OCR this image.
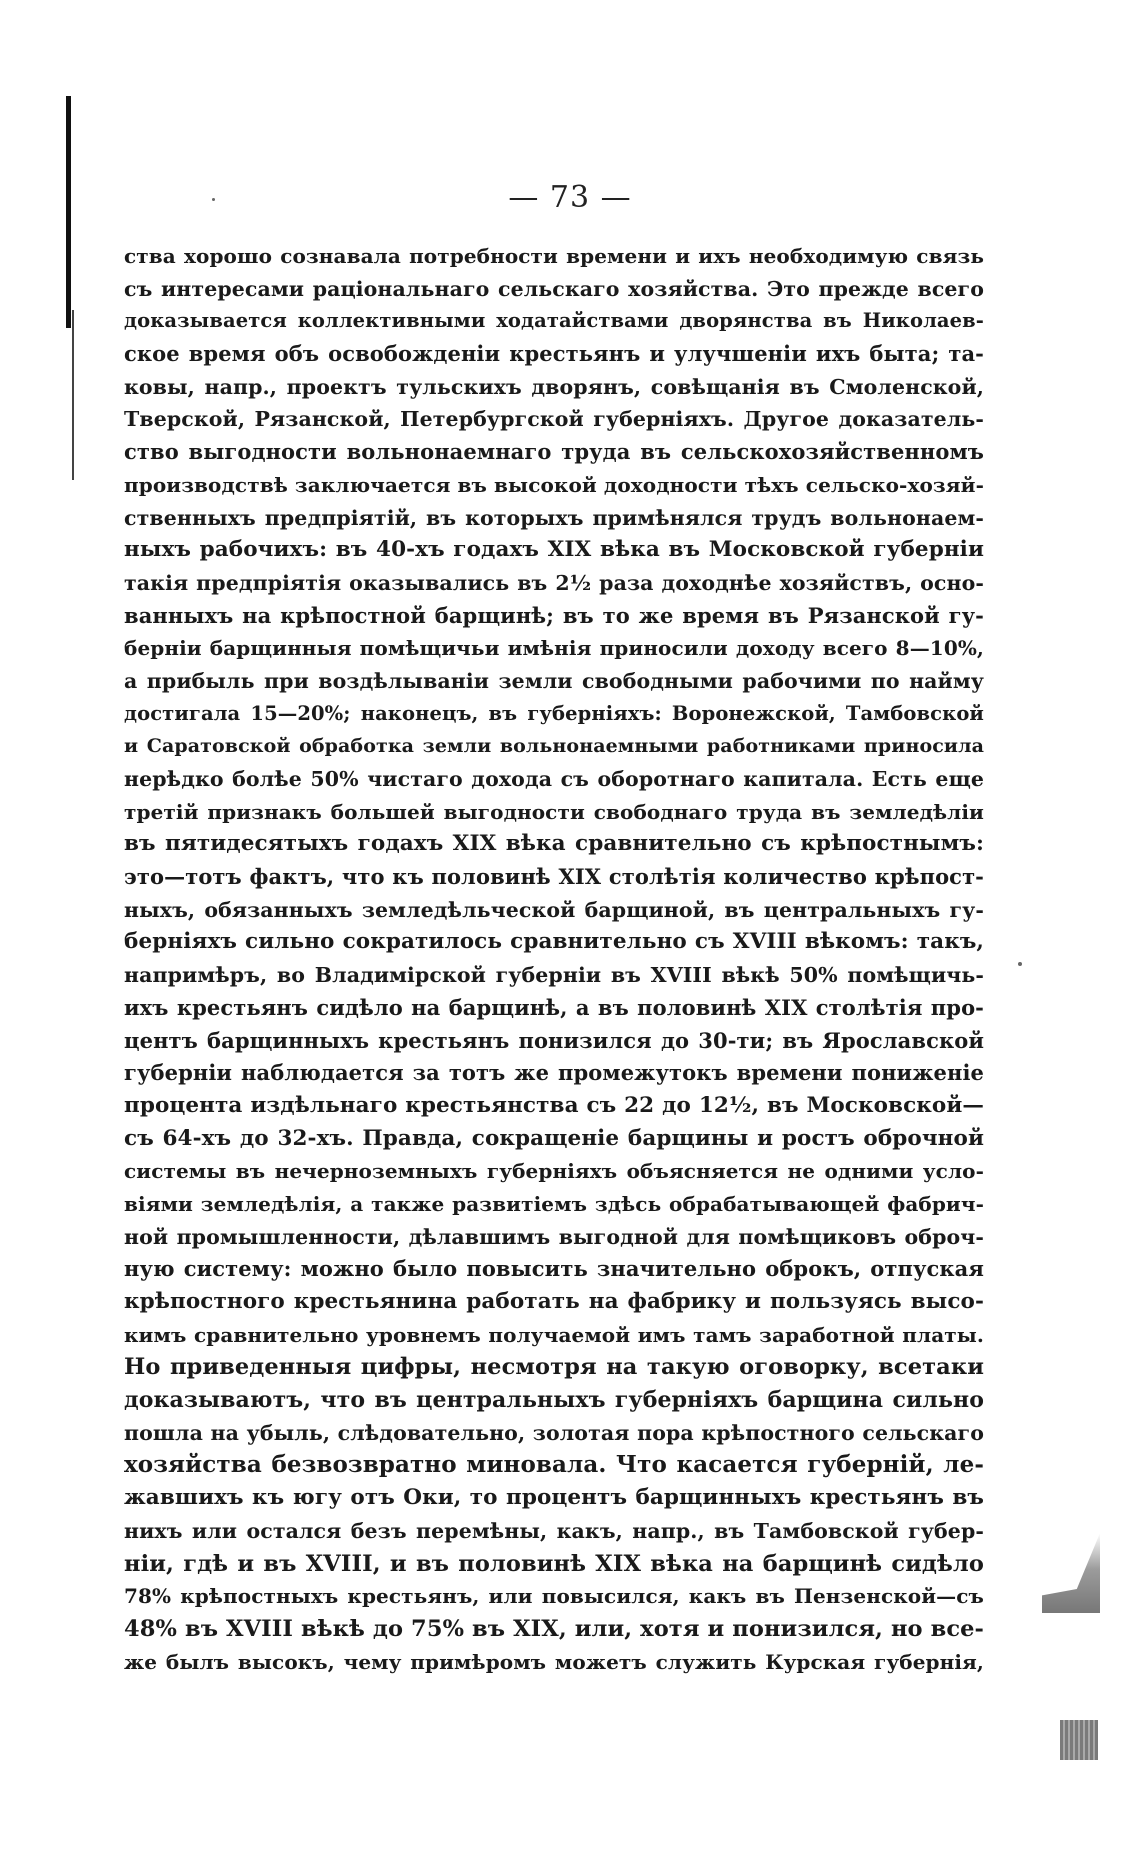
— 73 —
ства хорошо сознавала потребности времени и ихъ необходимую связь
съ интересами раціональнаго сельскаго хозяйства. Это прежде всего
доказывается коллективными ходатайствами дворянства въ Николаев-
ское время объ освобожденіи крестьянъ и улучшеніи ихъ быта; та-
ковы, напр., проектъ тульскихъ дворянъ, совѣщанія въ Смоленской,
Тверской, Рязанской, Петербургской губерніяхъ. Другое доказатель-
ство выгодности вольнонаемнаго труда въ сельскохозяйственномъ
производствѣ заключается въ высокой доходности тѣхъ сельско-хозяй-
ственныхъ предпріятій, въ которыхъ примѣнялся трудъ вольнонаем-
ныхъ рабочихъ: въ 40-хъ годахъ XIX вѣка въ Московской губерніи
такія предпріятія оказывались въ 2½ раза доходнѣе хозяйствъ, осно-
ванныхъ на крѣпостной барщинѣ; въ то же время въ Рязанской гу-
берніи барщинныя помѣщичьи имѣнія приносили доходу всего 8—10%,
а прибыль при воздѣлываніи земли свободными рабочими по найму
достигала 15—20%; наконецъ, въ губерніяхъ: Воронежской, Тамбовской
и Саратовской обработка земли вольнонаемными работниками приносила
нерѣдко болѣе 50% чистаго дохода съ оборотнаго капитала. Есть еще
третій признакъ большей выгодности свободнаго труда въ земледѣліи
въ пятидесятыхъ годахъ XIX вѣка сравнительно съ крѣпостнымъ:
это—тотъ фактъ, что къ половинѣ XIX столѣтія количество крѣпост-
ныхъ, обязанныхъ земледѣльческой барщиной, въ центральныхъ гу-
берніяхъ сильно сократилось сравнительно съ XVIII вѣкомъ: такъ,
напримѣръ, во Владимірской губерніи въ XVIII вѣкѣ 50% помѣщичь-
ихъ крестьянъ сидѣло на барщинѣ, а въ половинѣ XIX столѣтія про-
центъ барщинныхъ крестьянъ понизился до 30-ти; въ Ярославской
губерніи наблюдается за тотъ же промежутокъ времени пониженіе
процента издѣльнаго крестьянства съ 22 до 12½, въ Московской—
съ 64-хъ до 32-хъ. Правда, сокращеніе барщины и ростъ оброчной
системы въ нечерноземныхъ губерніяхъ объясняется не одними усло-
віями земледѣлія, а также развитіемъ здѣсь обрабатывающей фабрич-
ной промышленности, дѣлавшимъ выгодной для помѣщиковъ оброч-
ную систему: можно было повысить значительно оброкъ, отпуская
крѣпостного крестьянина работать на фабрику и пользуясь высо-
кимъ сравнительно уровнемъ получаемой имъ тамъ заработной платы.
Но приведенныя цифры, несмотря на такую оговорку, всетаки
доказываютъ, что въ центральныхъ губерніяхъ барщина сильно
пошла на убыль, слѣдовательно, золотая пора крѣпостного сельскаго
хозяйства безвозвратно миновала. Что касается губерній, ле-
жавшихъ къ югу отъ Оки, то процентъ барщинныхъ крестьянъ въ
нихъ или остался безъ перемѣны, какъ, напр., въ Тамбовской губер-
ніи, гдѣ и въ XVIII, и въ половинѣ XIX вѣка на барщинѣ сидѣло
78% крѣпостныхъ крестьянъ, или повысился, какъ въ Пензенской—съ
48% въ XVIII вѣкѣ до 75% въ XIX, или, хотя и понизился, но все-
же былъ высокъ, чему примѣромъ можетъ служить Курская губернія,
